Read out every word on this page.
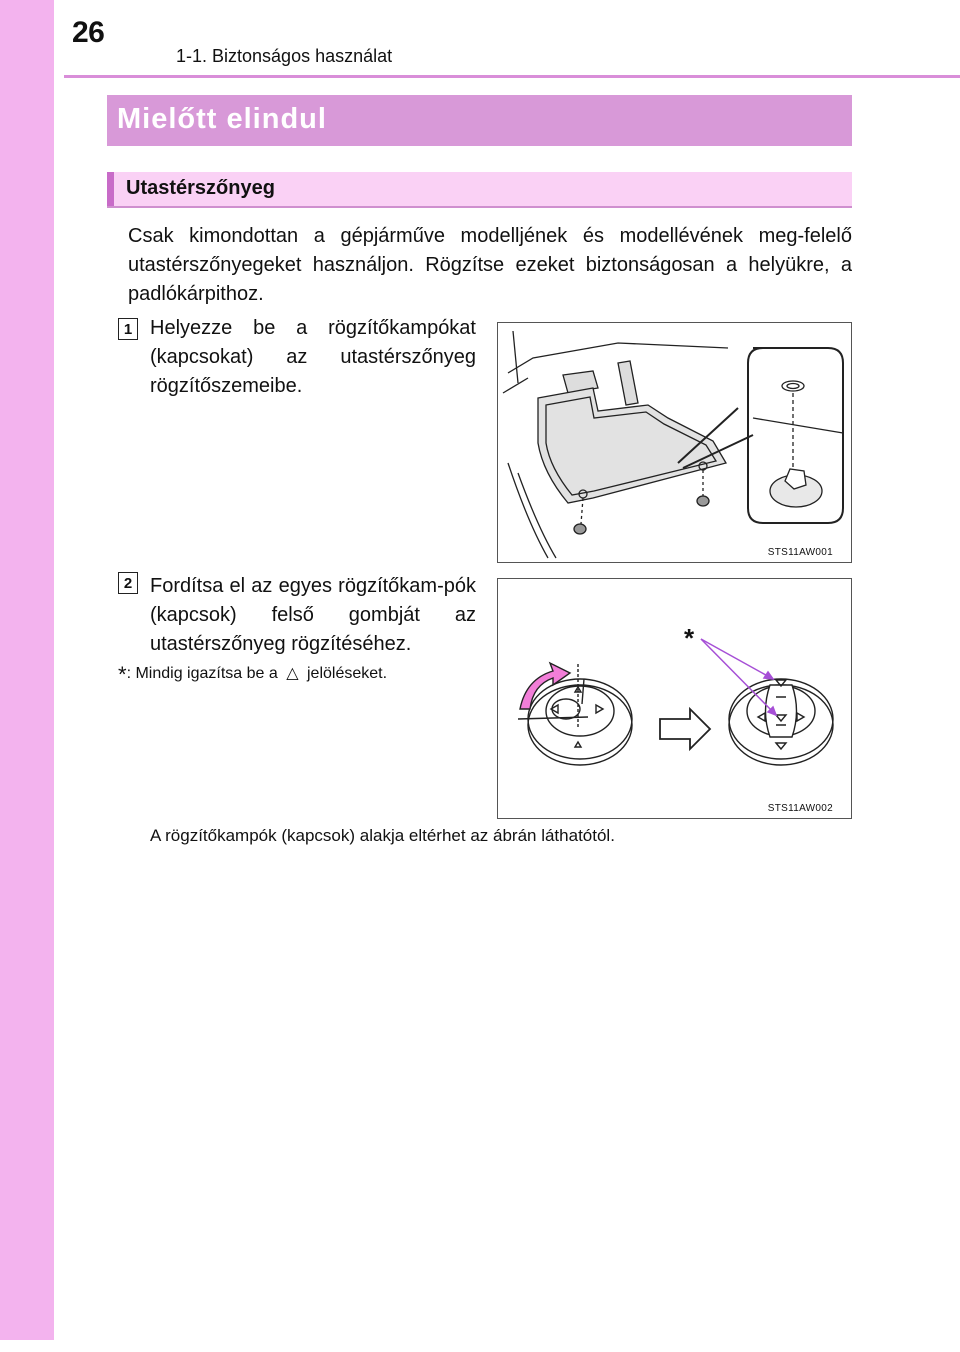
26
1-1. Biztonságos használat
Mielőtt elindul
Utastérszőnyeg
Csak kimondottan a gépjárműve modelljének és modellévének meg-felelő utastérszőnyegeket használjon. Rögzítse ezeket biztonságosan a helyükre, a padlókárpithoz.
1 Helyezze be a rögzítőkampókat (kapcsokat) az utastérszőnyeg rögzítőszemeibe.
STS11AW001
2 Fordítsa el az egyes rögzítőkam-pók (kapcsok) felső gombját az utastérszőnyeg rögzítéséhez.
*: Mindig igazítsa be a △ jelöléseket.
*
STS11AW002
A rögzítőkampók (kapcsok) alakja eltérhet az ábrán láthatótól.
